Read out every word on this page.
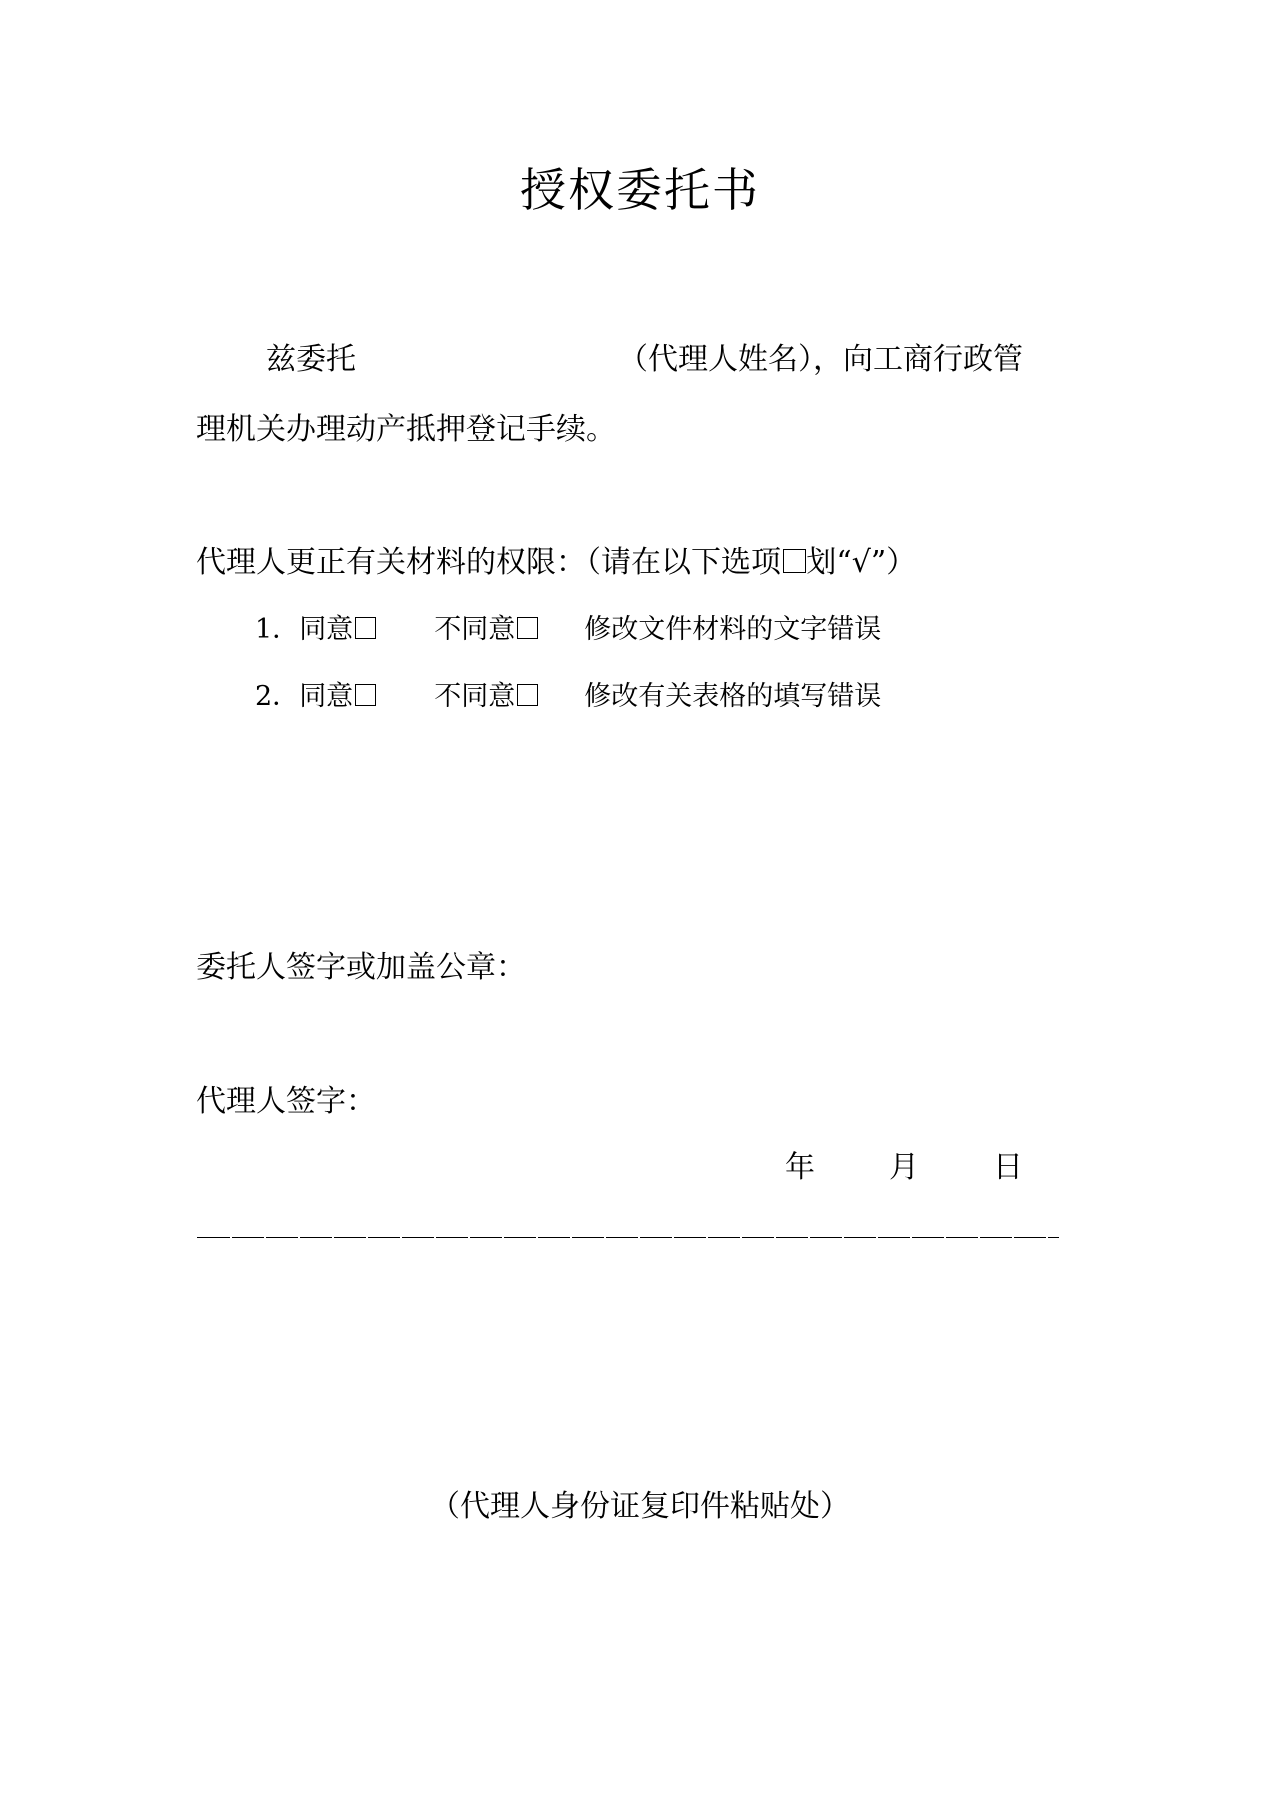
授权委托书
兹委托	（代理人姓名），向工商行政管
理机关办理动产抵押登记手续。
代理人更正有关材料的权限：（请在以下选项 划“√”）
1．同意	不同意	修改文件材料的文字错误
2．同意	不同意	修改有关表格的填写错误
委托人签字或加盖公章：
代理人签字：
年 月 日
（代理人身份证复印件粘贴处）
